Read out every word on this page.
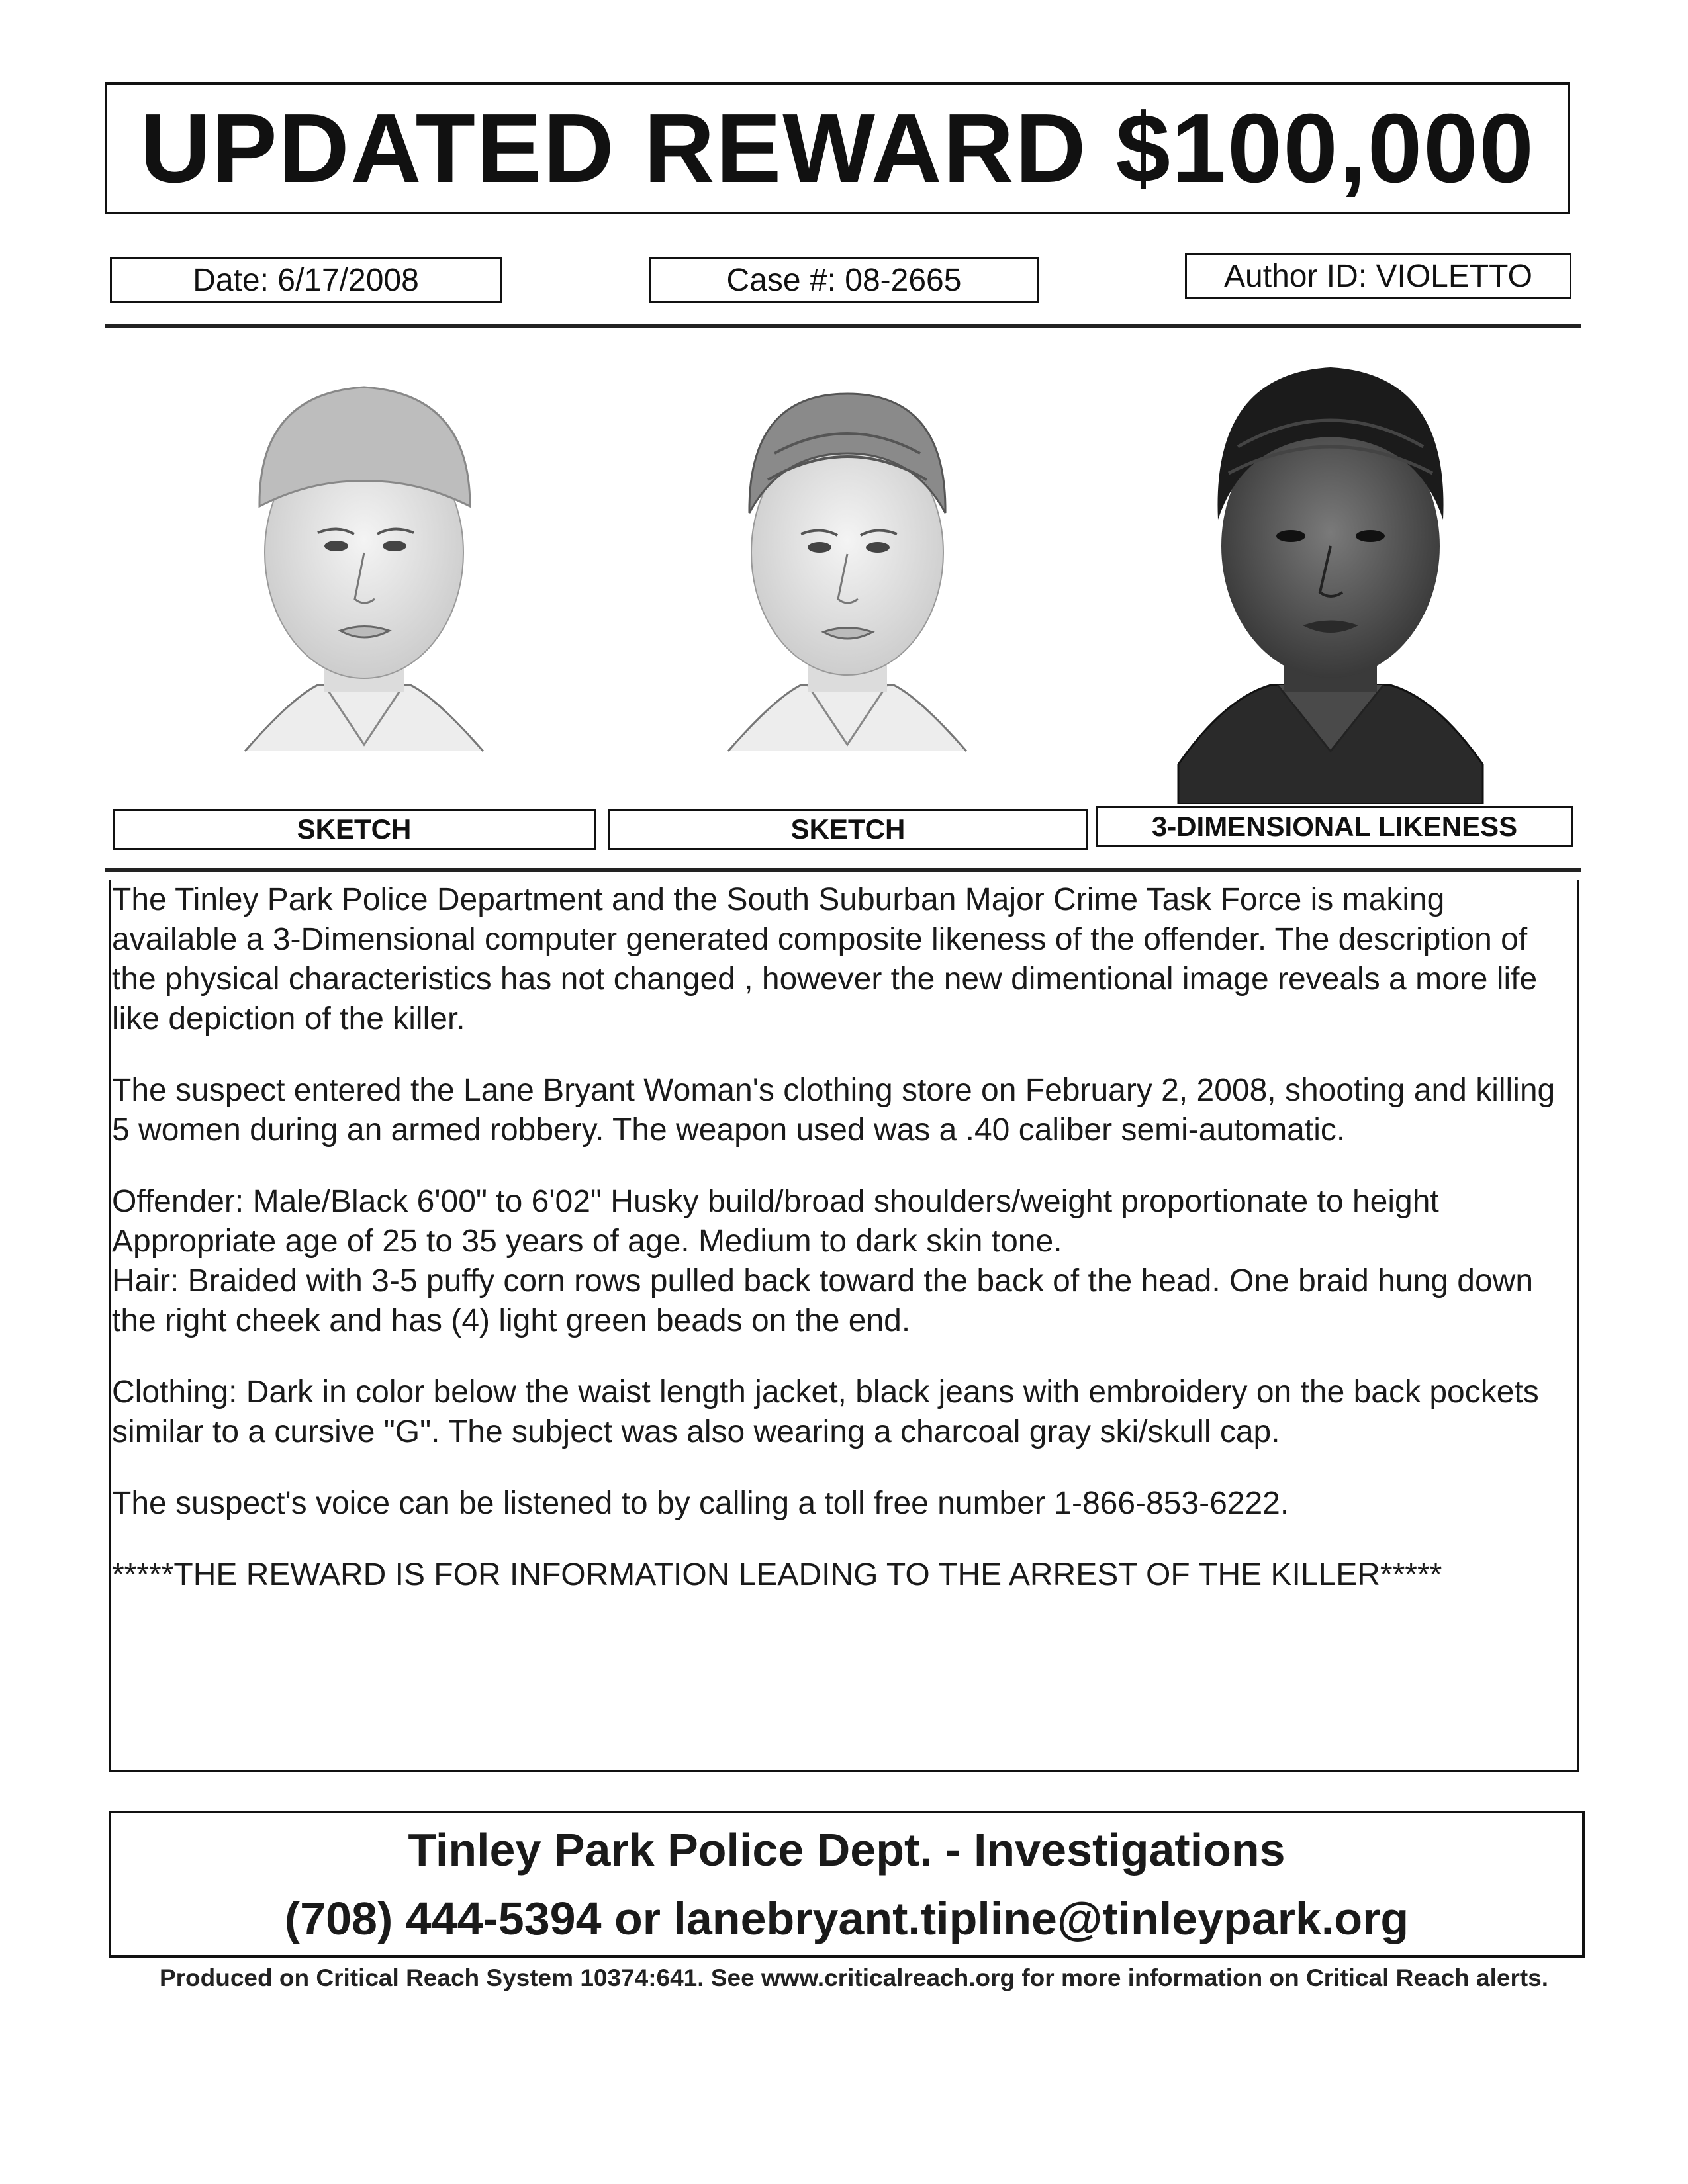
UPDATED REWARD $100,000
Date: 6/17/2008	Case #: 08-2665	Author ID: VIOLETTO
SKETCH	SKETCH	3-DIMENSIONAL LIKENESS

The Tinley Park Police Department and the South Suburban Major Crime Task Force is making available a 3-Dimensional computer generated composite likeness of the offender. The description of the physical characteristics has not changed , however the new dimentional image reveals a more life like depiction of the killer.

The suspect entered the Lane Bryant Woman's clothing store on February 2, 2008, shooting and killing 5 women during an armed robbery. The weapon used was a .40 caliber semi-automatic.

Offender: Male/Black 6'00" to 6'02" Husky build/broad shoulders/weight proportionate to height Appropriate age of 25 to 35 years of age. Medium to dark skin tone.

Hair: Braided with 3-5 puffy corn rows pulled back toward the back of the head. One braid hung down the right cheek and has (4) light green beads on the end.

Clothing: Dark in color below the waist length jacket, black jeans with embroidery on the back pockets similar to a cursive "G". The subject was also wearing a charcoal gray ski/skull cap.

The suspect's voice can be listened to by calling a toll free number 1-866-853-6222.

*****THE REWARD IS FOR INFORMATION LEADING TO THE ARREST OF THE KILLER*****

Tinley Park Police Dept. - Investigations
(708) 444-5394 or lanebryant.tipline@tinleypark.org
Produced on Critical Reach System 10374:641. See www.criticalreach.org for more information on Critical Reach alerts.
